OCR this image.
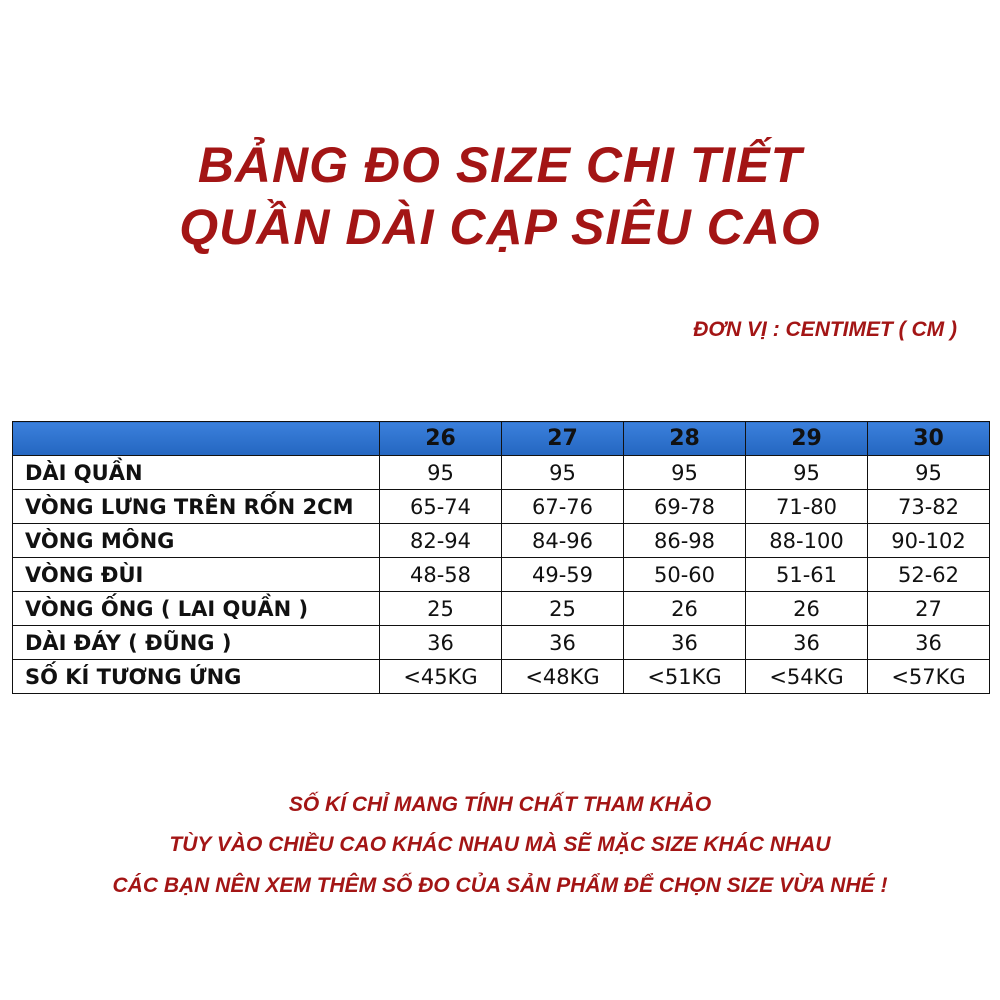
BẢNG ĐO SIZE CHI TIẾT
QUẦN DÀI CẠP SIÊU CAO
ĐƠN VỊ : CENTIMET ( CM )
	26	27	28	29	30
DÀI QUẦN	95	95	95	95	95
VÒNG LƯNG TRÊN RỐN 2CM	65-74	67-76	69-78	71-80	73-82
VÒNG MÔNG	82-94	84-96	86-98	88-100	90-102
VÒNG ĐÙI	48-58	49-59	50-60	51-61	52-62
VÒNG ỐNG ( LAI QUẦN )	25	25	26	26	27
DÀI ĐÁY ( ĐŨNG )	36	36	36	36	36
SỐ KÍ TƯƠNG ỨNG	<45KG	<48KG	<51KG	<54KG	<57KG
SỐ KÍ CHỈ MANG TÍNH CHẤT THAM KHẢO
TÙY VÀO CHIỀU CAO KHÁC NHAU MÀ SẼ MẶC SIZE KHÁC NHAU
CÁC BẠN NÊN XEM THÊM SỐ ĐO CỦA SẢN PHẨM ĐỂ CHỌN SIZE VỪA NHÉ !
